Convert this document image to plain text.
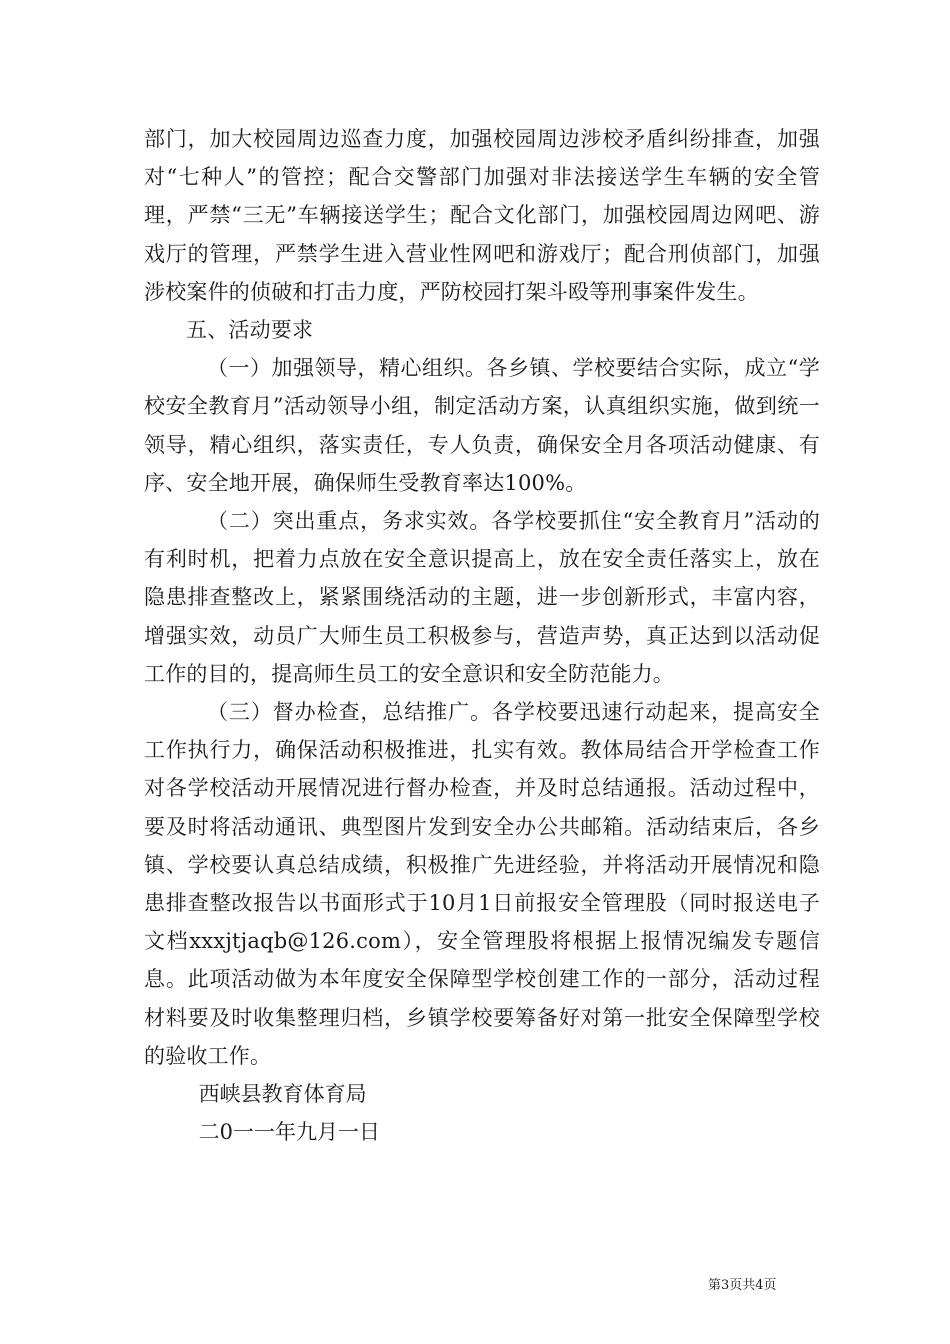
部门，加大校园周边巡查力度，加强校园周边涉校矛盾纠纷排查，加强对“七种人”的管控；配合交警部门加强对非法接送学生车辆的安全管理，严禁“三无”车辆接送学生；配合文化部门，加强校园周边网吧、游戏厅的管理，严禁学生进入营业性网吧和游戏厅；配合刑侦部门，加强涉校案件的侦破和打击力度，严防校园打架斗殴等刑事案件发生。

五、活动要求

（一）加强领导，精心组织。各乡镇、学校要结合实际，成立“学校安全教育月”活动领导小组，制定活动方案，认真组织实施，做到统一领导，精心组织，落实责任，专人负责，确保安全月各项活动健康、有序、安全地开展，确保师生受教育率达100%。

（二）突出重点，务求实效。各学校要抓住“安全教育月”活动的有利时机，把着力点放在安全意识提高上，放在安全责任落实上，放在隐患排查整改上，紧紧围绕活动的主题，进一步创新形式，丰富内容，增强实效，动员广大师生员工积极参与，营造声势，真正达到以活动促工作的目的，提高师生员工的安全意识和安全防范能力。

（三）督办检查，总结推广。各学校要迅速行动起来，提高安全工作执行力，确保活动积极推进，扎实有效。教体局结合开学检查工作对各学校活动开展情况进行督办检查，并及时总结通报。活动过程中，要及时将活动通讯、典型图片发到安全办公共邮箱。活动结束后，各乡镇、学校要认真总结成绩，积极推广先进经验，并将活动开展情况和隐患排查整改报告以书面形式于10月1日前报安全管理股（同时报送电子文档xxxjtjaqb@126.com），安全管理股将根据上报情况编发专题信息。此项活动做为本年度安全保障型学校创建工作的一部分，活动过程材料要及时收集整理归档，乡镇学校要筹备好对第一批安全保障型学校的验收工作。

西峡县教育体育局

二0一一年九月一日

第3页共4页
